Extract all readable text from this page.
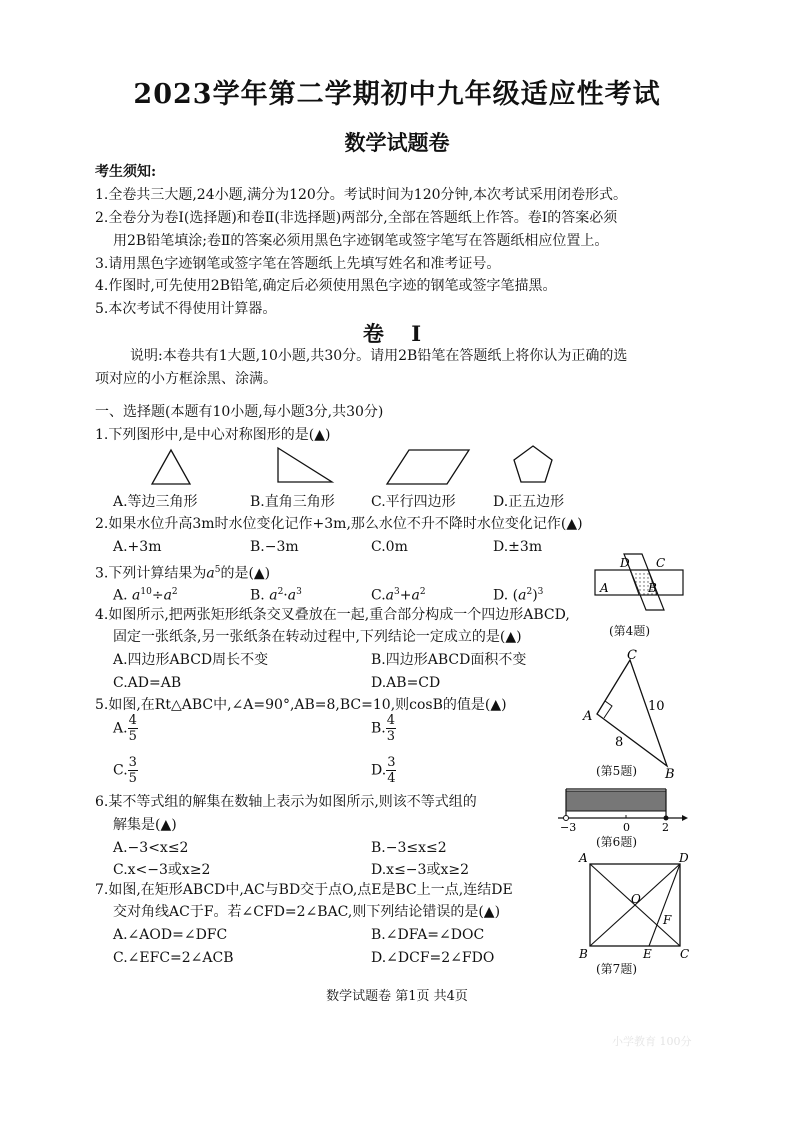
2023学年第二学期初中九年级适应性考试
数学试题卷
考生须知:
1.全卷共三大题,24小题,满分为120分。考试时间为120分钟,本次考试采用闭卷形式。
2.全卷分为卷Ⅰ(选择题)和卷Ⅱ(非选择题)两部分,全部在答题纸上作答。卷Ⅰ的答案必须
用2B铅笔填涂;卷Ⅱ的答案必须用黑色字迹钢笔或签字笔写在答题纸相应位置上。
3.请用黑色字迹钢笔或签字笔在答题纸上先填写姓名和准考证号。
4.作图时,可先使用2B铅笔,确定后必须使用黑色字迹的钢笔或签字笔描黑。
5.本次考试不得使用计算器。
卷 Ⅰ
说明:本卷共有1大题,10小题,共30分。请用2B铅笔在答题纸上将你认为正确的选
项对应的小方框涂黑、涂满。
一、选择题(本题有10小题,每小题3分,共30分)
1.下列图形中,是中心对称图形的是(▲)
A.等边三角形	B.直角三角形	C.平行四边形	D.正五边形
2.如果水位升高3m时水位变化记作+3m,那么水位不升不降时水位变化记作(▲)
A.+3m	B.−3m	C.0m	D.±3m
3.下列计算结果为$a^5$的是(▲)
A. $a^{10}\div a^2$	B. $a^2\cdot a^3$	$C.a^3+a^2$	D. $(a^2)^3$
4.如图所示,把两张矩形纸条交叉叠放在一起,重合部分构成一个四边形ABCD,
固定一张纸条,另一张纸条在转动过程中,下列结论一定成立的是(▲)
A.四边形ABCD周长不变	B.四边形ABCD面积不变
C.AD=AB	D.AB=CD
D C
A	B
(第4题)
5.如图,在Rt△ABC中,∠A=90°,AB=8,BC=10,则cosB的值是(▲)
A. $\frac{4}{5}$	B. $\frac{4}{3}$
C. $\frac{3}{5}$	D. $\frac{3}{4}$
C
A
B
10
8
(第5题)
6.某不等式组的解集在数轴上表示为如图所示,则该不等式组的
解集是(▲)
A.−3<x≤2	B.−3≤x≤2
C.x<−3或x≥2	D.x≤−3或x≥2
−3	0	2
(第6题)
7.如图,在矩形ABCD中,AC与BD交于点O,点E是BC上一点,连结DE
交对角线AC于F。若∠CFD=2∠BAC,则下列结论错误的是(▲)
A.∠AOD=∠DFC	B.∠DFA=∠DOC
C.∠EFC=2∠ACB	D.∠DCF=2∠FDO
A	D
O
F
B	E C
(第7题)
数学试题卷 第1页 共4页
小学教育 100分
